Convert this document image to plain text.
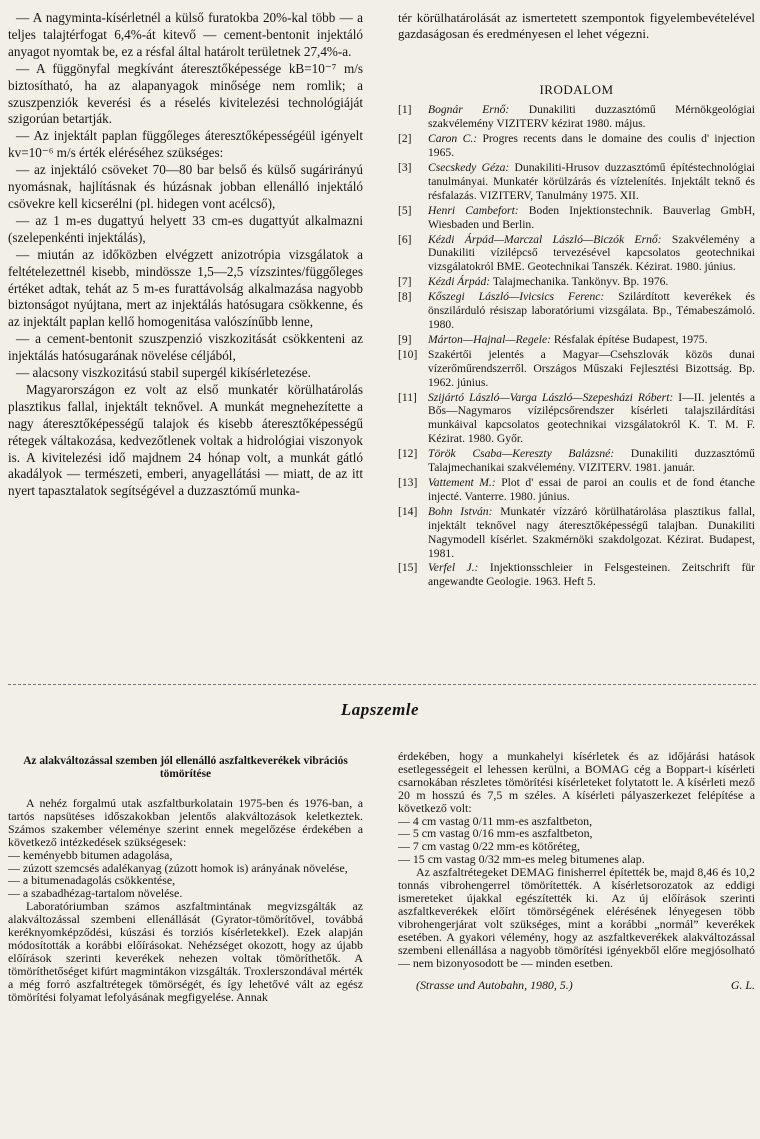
— A nagyminta-kísérletnél a külső furatokba 20%-kal több — a teljes talajtérfogat 6,4%-át kitevő — cement-bentonit injektáló anyagot nyomtak be, ez a résfal által határolt területnek 27,4%-a.

— A függönyfal megkívánt áteresztőképessége kB=10⁻⁷ m/s biztosítható, ha az alapanyagok minősége nem romlik; a szuszpenziók keverési és a réselés kivitelezési technológiáját szigorúan betartják.

— Az injektált paplan függőleges áteresztőképességéül igényelt kv=10⁻⁶ m/s érték eléréséhez szükséges:

— az injektáló csöveket 70—80 bar belső és külső sugárirányú nyomásnak, hajlításnak és húzásnak jobban ellenálló injektáló csövekre kell kicserélni (pl. hidegen vont acélcső),

— az 1 m-es dugattyú helyett 33 cm-es dugattyút alkalmazni (szelepenkénti injektálás),

— miután az időközben elvégzett anizotrópia vizsgálatok a feltételezettnél kisebb, mindössze 1,5—2,5 vízszintes/függőleges értéket adtak, tehát az 5 m-es furattávolság alkalmazása nagyobb biztonságot nyújtana, mert az injektálás hatósugara csökkenne, és az injektált paplan kellő homogenitása valószínűbb lenne,

— a cement-bentonit szuszpenzió viszkozitását csökkenteni az injektálás hatósugarának növelése céljából,

— alacsony viszkozitású stabil supergél kikísérletezése.

Magyarországon ez volt az első munkatér körülhatárolás plasztikus fallal, injektált teknővel. A munkát megnehezítette a nagy áteresztőképességű talajok és kisebb áteresztőképességű rétegek váltakozása, kedvezőtlenek voltak a hidrológiai viszonyok is. A kivitelezési idő majdnem 24 hónap volt, a munkát gátló akadályok — természeti, emberi, anyagellátási — miatt, de az itt nyert tapasztalatok segítségével a duzzasztómű munka-

tér körülhatárolását az ismertetett szempontok figyelembevételével gazdaságosan és eredményesen el lehet végezni.

IRODALOM
[1]	Bognár Ernő: Dunakiliti duzzasztómű Mérnökgeológiai szakvélemény VIZITERV kézirat 1980. május.
[2]	Caron C.: Progres recents dans le domaine des coulis d' injection 1965.
[3]	Csecskedy Géza: Dunakiliti-Hrusov duzzasztómű építéstechnológiai tanulmányai. Munkatér körülzárás és víztelenítés. Injektált teknő és résfalazás. VIZITERV, Tanulmány 1975. XII.
[5]	Henri Cambefort: Boden Injektionstechnik. Bauverlag GmbH, Wiesbaden und Berlin.
[6]	Kézdi Árpád—Marczal László—Biczók Ernő: Szakvélemény a Dunakiliti vízilépcső tervezésével kapcsolatos geotechnikai vizsgálatokról BME. Geotechnikai Tanszék. Kézirat. 1980. június.
[7]	Kézdi Árpád: Talajmechanika. Tankönyv. Bp. 1976.
[8]	Kőszegi László—Ivicsics Ferenc: Szilárdított keverékek és önszilárduló résiszap laboratóriumi vizsgálata. Bp., Témabeszámoló. 1980.
[9]	Márton—Hajnal—Regele: Résfalak építése Budapest, 1975.
[10] Szakértői jelentés a Magyar—Csehszlovák közös dunai vízerőműrendszerről. Országos Műszaki Fejlesztési Bizottság. Bp. 1962. június.
[11] Szijártó László—Varga László—Szepesházi Róbert: I—II. jelentés a Bős—Nagymaros vízilépcsőrendszer kísérleti talajszilárdítási munkáival kapcsolatos geotechnikai vizsgálatokról K. T. M. F. Kézirat. 1980. Győr.
[12] Török Csaba—Kereszty Balázsné: Dunakiliti duzzasztómű Talajmechanikai szakvélemény. VIZITERV. 1981. január.
[13] Vattement M.: Plot d' essai de paroi an coulis et de fond étanche injecté. Vanterre. 1980. június.
[14] Bohn István: Munkatér vízzáró körülhatárolása plasztikus fallal, injektált teknővel nagy áteresztőképességű talajban. Dunakiliti Nagymodell kísérlet. Szakmérnöki szakdolgozat. Kézirat. Budapest, 1981.
[15] Verfel J.: Injektionsschleier in Felsgesteinen. Zeitschrift für angewandte Geologie. 1963. Heft 5.
Lapszemle

Az alakváltozással szemben jól ellenálló aszfaltkeverékek vibrációs tömörítése

A nehéz forgalmú utak aszfaltburkolatain 1975-ben és 1976-ban, a tartós napsütéses időszakokban jelentős alakváltozások keletkeztek. Számos szakember véleménye szerint ennek megelőzése érdekében a következő intézkedések szükségesek:

— keményebb bitumen adagolása,

— zúzott szemcsés adalékanyag (zúzott homok is) arányának növelése,

— a bitumenadagolás csökkentése,

— a szabadhézag-tartalom növelése.

Laboratóriumban számos aszfaltmintának megvizsgálták az alakváltozással szembeni ellenállását (Gyrator-tömörítővel, továbbá keréknyomképződési, kúszási és torziós kísérletekkel). Ezek alapján módosították a korábbi előírásokat. Nehézséget okozott, hogy az újabb előírások szerinti keverékek nehezen voltak tömöríthetők. A tömöríthetőséget kifúrt magmintákon vizsgálták. Troxlerszondával mérték a még forró aszfaltrétegek tömörségét, és így lehetővé vált az egész tömörítési folyamat lefolyásának megfigyelése. Annak

érdekében, hogy a munkahelyi kísérletek és az időjárási hatások esetlegességeit el lehessen kerülni, a BOMAG cég a Boppart-i kísérleti csarnokában részletes tömörítési kísérleteket folytatott le. A kísérleti mező 20 m hosszú és 7,5 m széles. A kísérleti pályaszerkezet felépítése a következő volt:

— 4 cm vastag 0/11 mm-es aszfaltbeton,

— 5 cm vastag 0/16 mm-es aszfaltbeton,

— 7 cm vastag 0/22 mm-es kötőréteg,

— 15 cm vastag 0/32 mm-es meleg bitumenes alap.

Az aszfaltrétegeket DEMAG finisherrel építették be, majd 8,46 és 10,2 tonnás vibrohengerrel tömörítették. A kísérletsorozatok az eddigi ismereteket újakkal egészítették ki. Az új előírások szerinti aszfaltkeverékek előírt tömörségének elérésének lényegesen több vibrohengerjárat volt szükséges, mint a korábbi „normál” keverékek esetében. A gyakori vélemény, hogy az aszfaltkeverékek alakváltozással szembeni ellenállása a nagyobb tömörítési igényekből előre megjósolható — nem bizonyosodott be — minden esetben.

(Strasse und Autobahn, 1980, 5.)	G. L.
